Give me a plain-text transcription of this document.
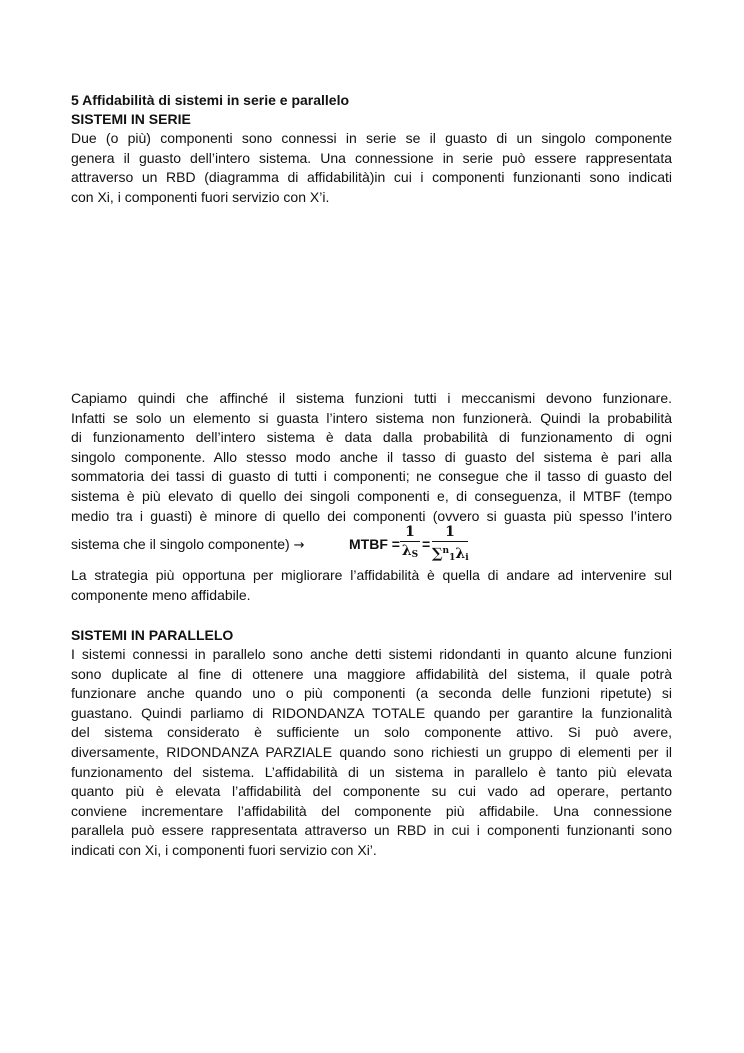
5 Affidabilità di sistemi in serie e parallelo

SISTEMI IN SERIE

Due (o più) componenti sono connessi in serie se il guasto di un singolo componente
genera il guasto dell’intero sistema. Una connessione in serie può essere rappresentata
attraverso un RBD (diagramma di affidabilità)in cui i componenti funzionanti sono indicati
con Xi, i componenti fuori servizio con X’i.
Capiamo quindi che affinché il sistema funzioni tutti i meccanismi devono funzionare.
Infatti se solo un elemento si guasta l’intero sistema non funzionerà. Quindi la probabilità
di funzionamento dell’intero sistema è data dalla probabilità di funzionamento di ogni
singolo componente. Allo stesso modo anche il tasso di guasto del sistema è pari alla
sommatoria dei tassi di guasto di tutti i componenti; ne consegue che il tasso di guasto del
sistema è più elevato di quello dei singoli componenti e, di conseguenza, il MTBF (tempo
medio tra i guasti) è minore di quello dei componenti (ovvero si guasta più spesso l’intero
sistema che il singolo componente) →	MTBF =
1
$\lambda_S$
=
1
$\sum^n_1\lambda_i$
La strategia più opportuna per migliorare l’affidabilità è quella di andare ad intervenire sul
componente meno affidabile.

SISTEMI IN PARALLELO

I sistemi connessi in parallelo sono anche detti sistemi ridondanti in quanto alcune funzioni
sono duplicate al fine di ottenere una maggiore affidabilità del sistema, il quale potrà
funzionare anche quando uno o più componenti (a seconda delle funzioni ripetute) si
guastano. Quindi parliamo di RIDONDANZA TOTALE quando per garantire la funzionalità
del sistema considerato è sufficiente un solo componente attivo. Si può avere,
diversamente, RIDONDANZA PARZIALE quando sono richiesti un gruppo di elementi per il
funzionamento del sistema. L’affidabilità di un sistema in parallelo è tanto più elevata
quanto più è elevata l’affidabilità del componente su cui vado ad operare, pertanto
conviene incrementare l’affidabilità del componente più affidabile. Una connessione
parallela può essere rappresentata attraverso un RBD in cui i componenti funzionanti sono
indicati con Xi, i componenti fuori servizio con Xi’.
